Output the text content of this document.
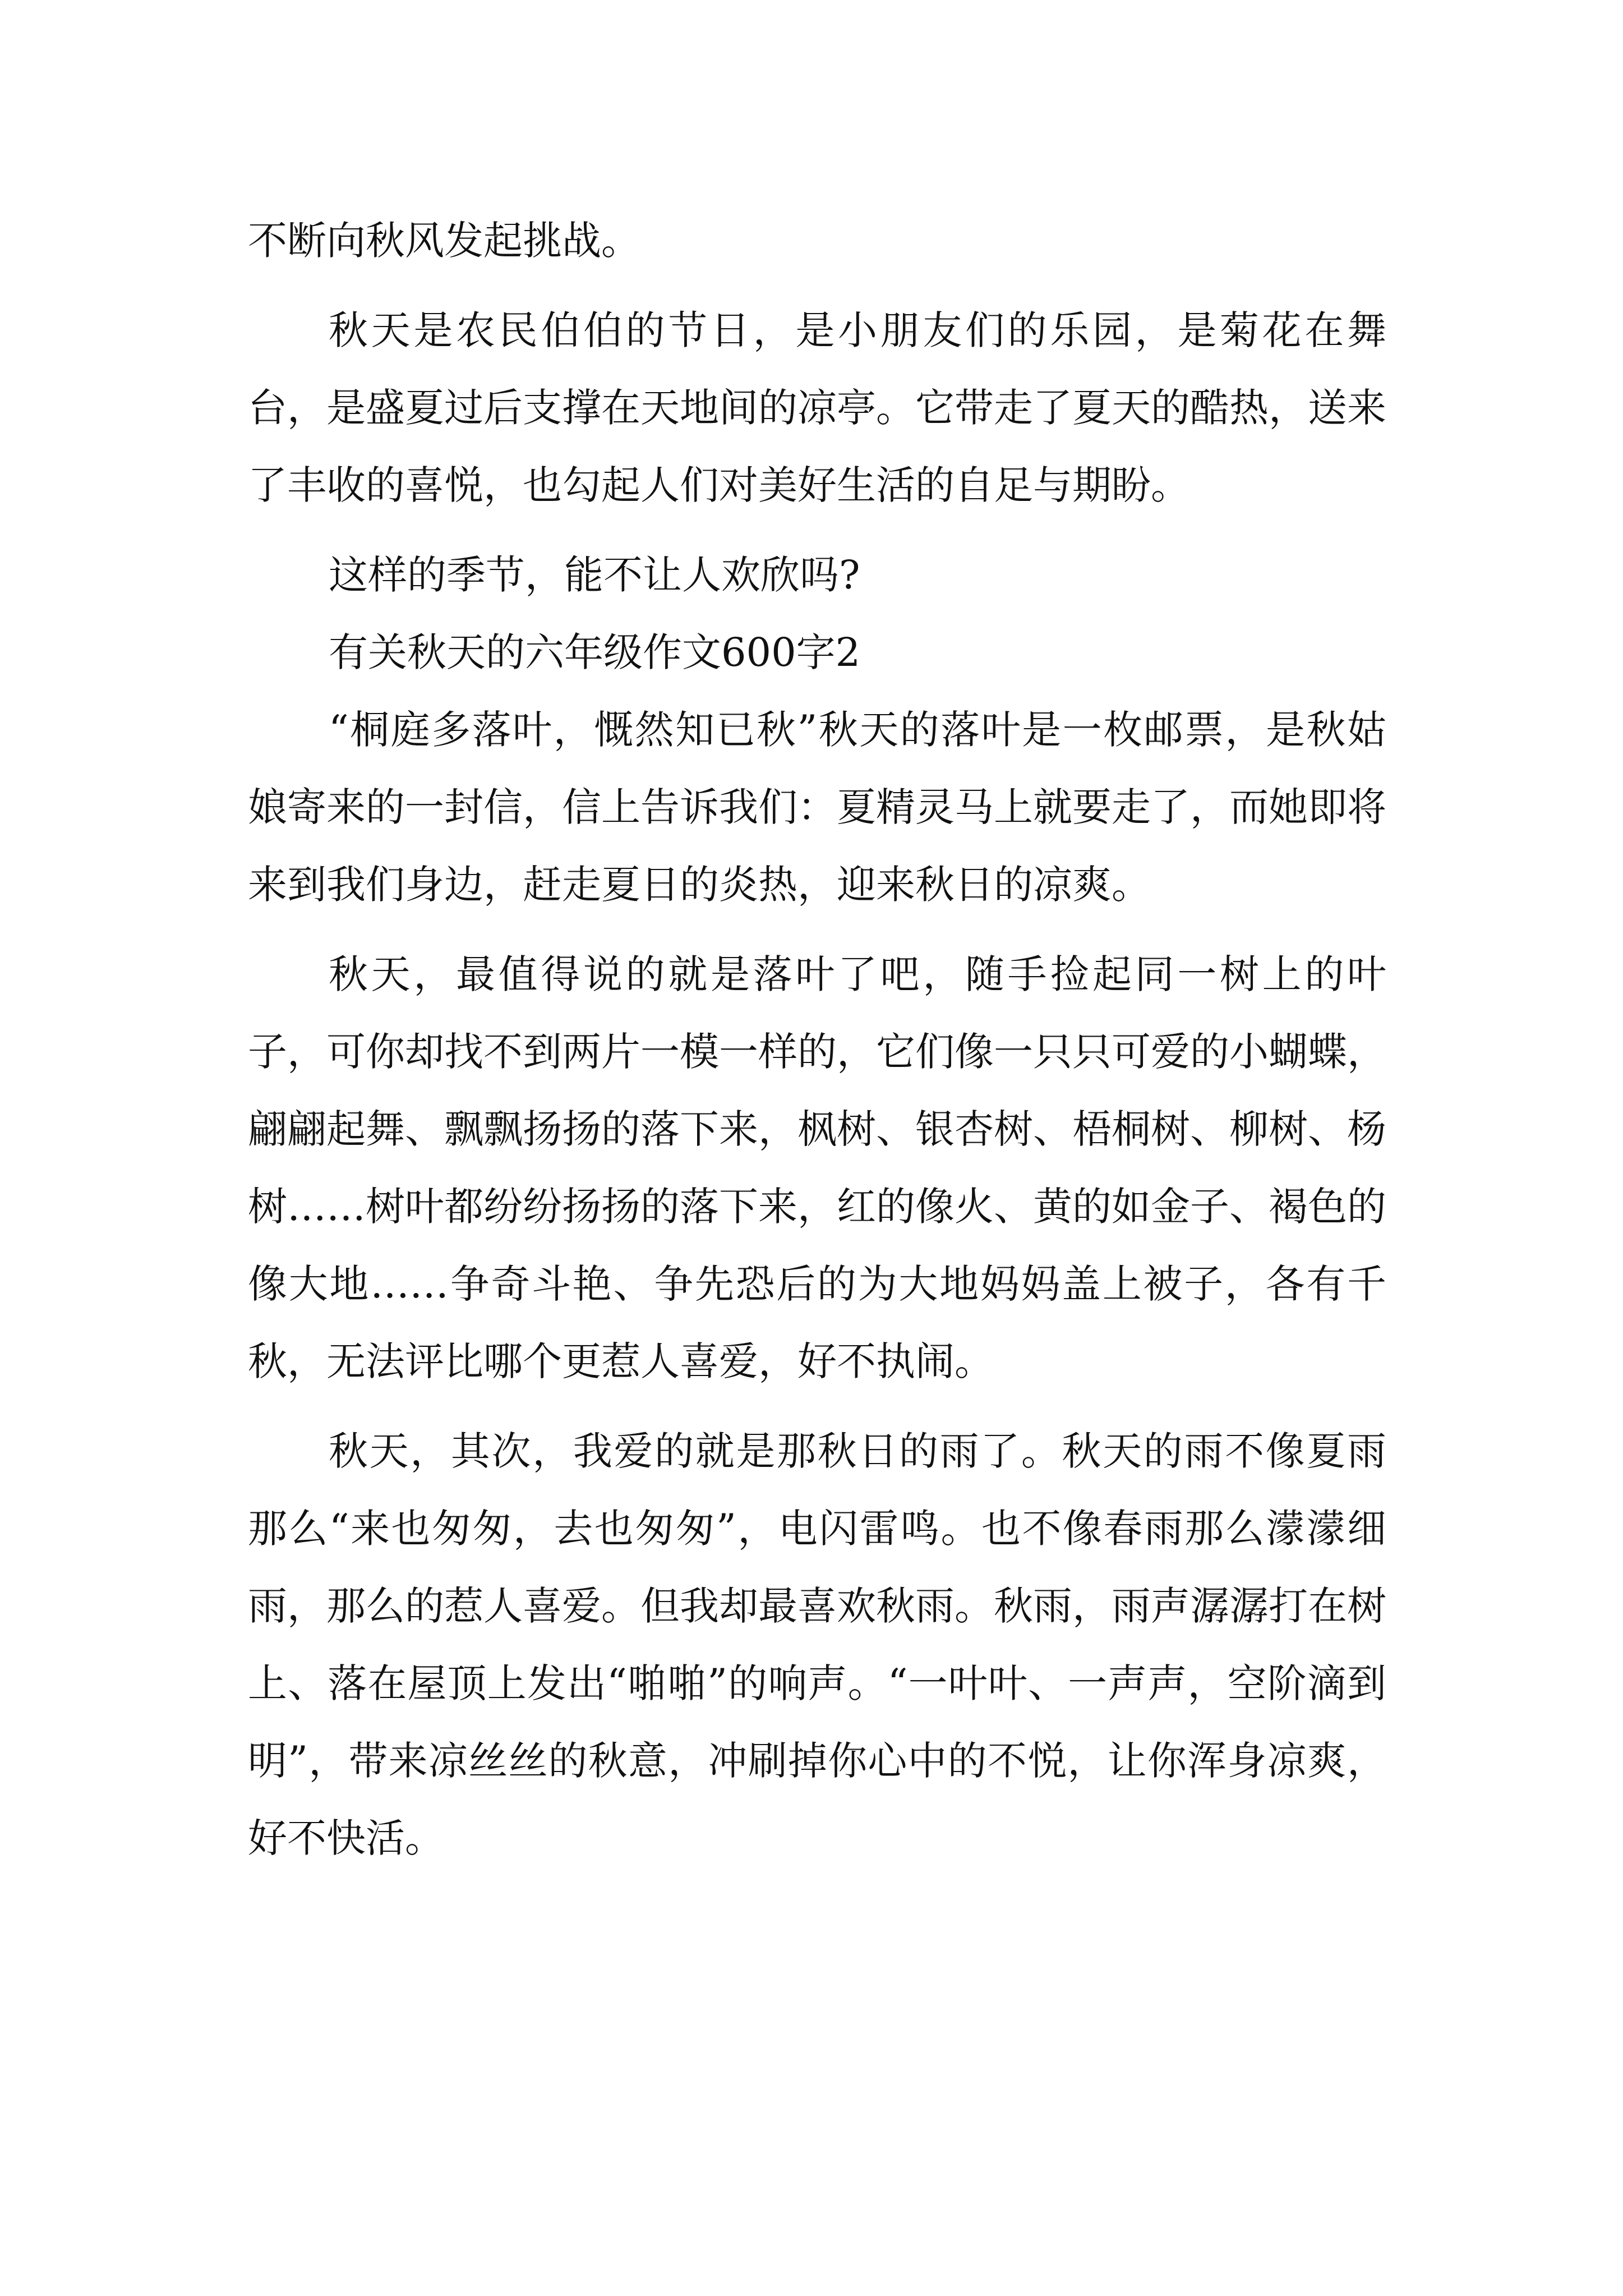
不断向秋风发起挑战。

秋天是农民伯伯的节日，是小朋友们的乐园，是菊花在舞台，是盛夏过后支撑在天地间的凉亭。它带走了夏天的酷热，送来了丰收的喜悦，也勾起人们对美好生活的自足与期盼。

这样的季节，能不让人欢欣吗?

有关秋天的六年级作文600字2

“桐庭多落叶，慨然知已秋”秋天的落叶是一枚邮票，是秋姑娘寄来的一封信，信上告诉我们：夏精灵马上就要走了，而她即将来到我们身边，赶走夏日的炎热，迎来秋日的凉爽。

秋天，最值得说的就是落叶了吧，随手捡起同一树上的叶子，可你却找不到两片一模一样的，它们像一只只可爱的小蝴蝶，翩翩起舞、飘飘扬扬的落下来，枫树、银杏树、梧桐树、柳树、杨树……树叶都纷纷扬扬的落下来，红的像火、黄的如金子、褐色的像大地……争奇斗艳、争先恐后的为大地妈妈盖上被子，各有千秋，无法评比哪个更惹人喜爱，好不执闹。

秋天，其次，我爱的就是那秋日的雨了。秋天的雨不像夏雨那么“来也匆匆，去也匆匆”，电闪雷鸣。也不像春雨那么濛濛细雨，那么的惹人喜爱。但我却最喜欢秋雨。秋雨，雨声潺潺打在树上、落在屋顶上发出“啪啪”的响声。“一叶叶、一声声，空阶滴到明”，带来凉丝丝的秋意，冲刷掉你心中的不悦，让你浑身凉爽，好不快活。
